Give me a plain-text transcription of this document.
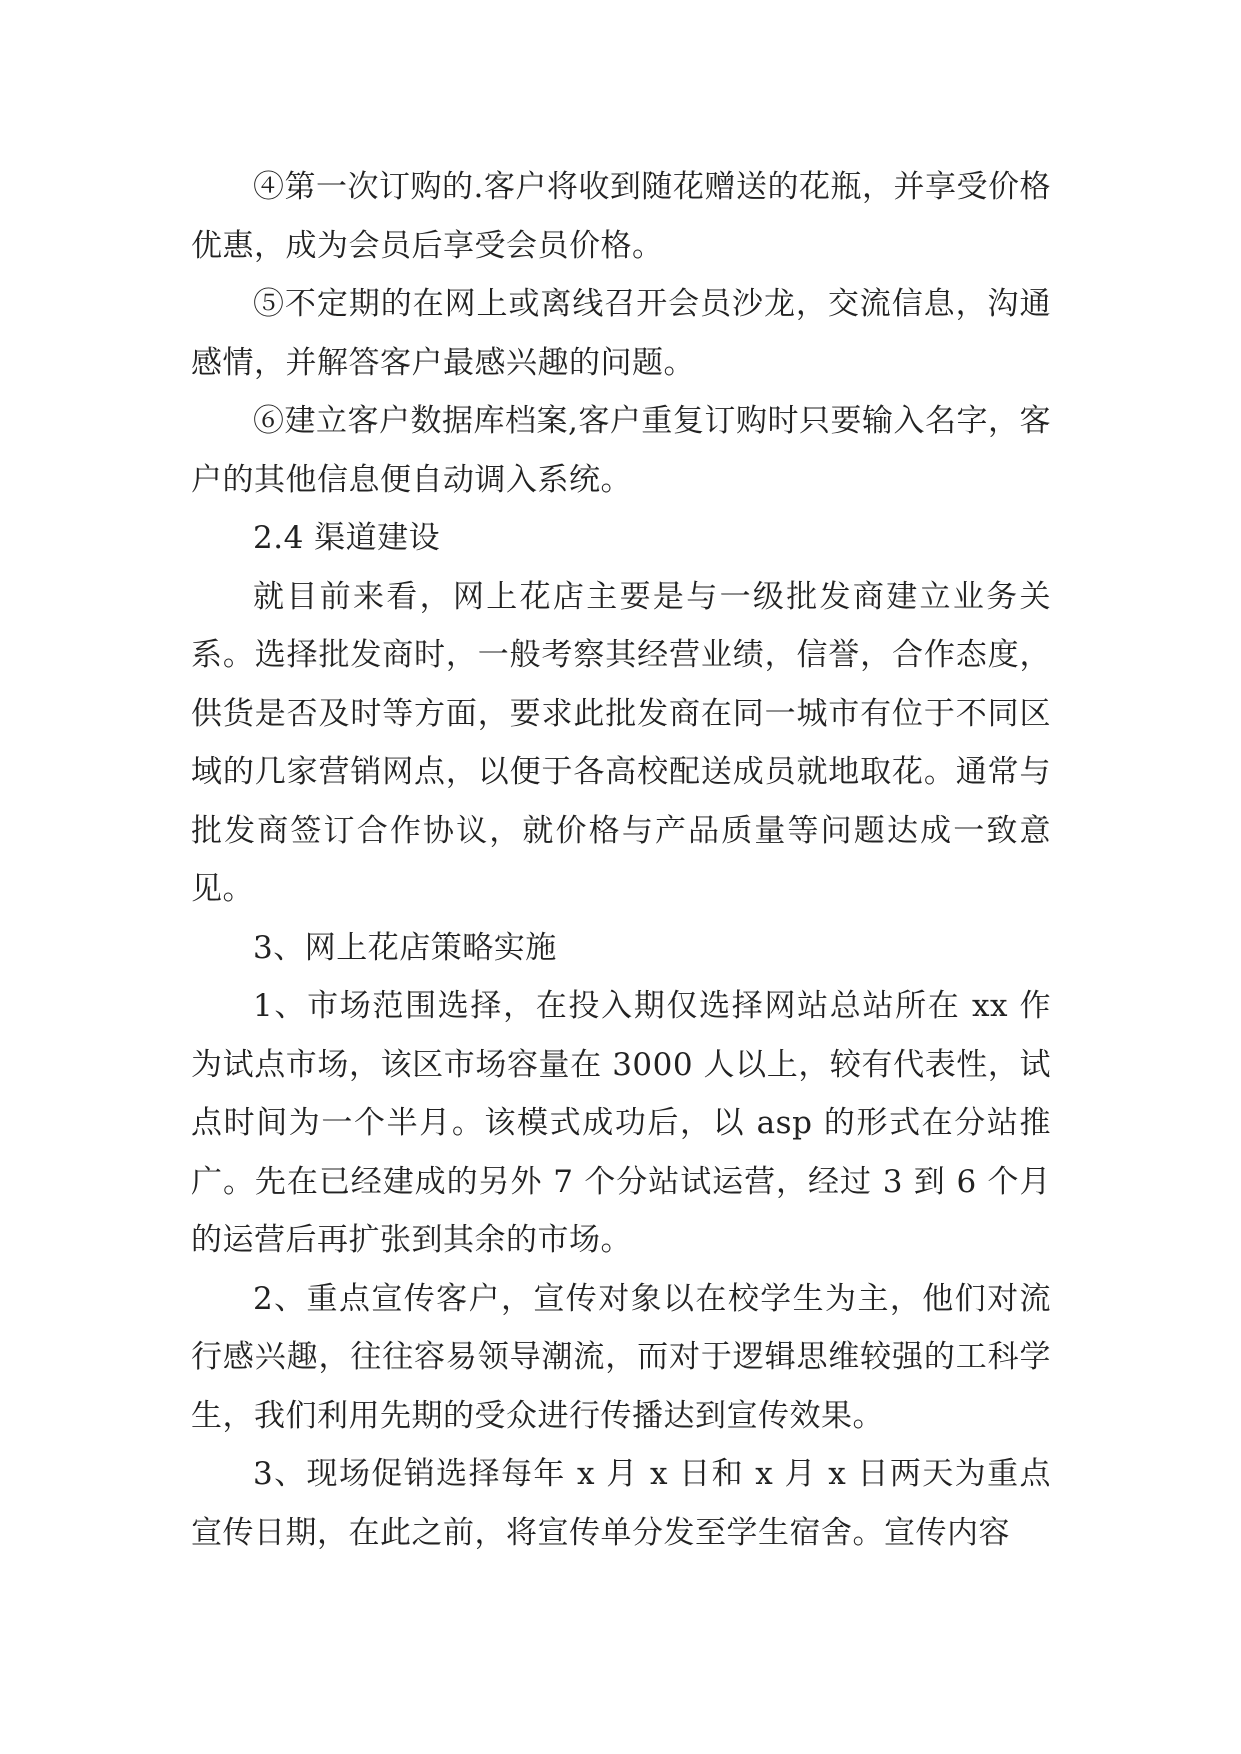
④第一次订购的.客户将收到随花赠送的花瓶，并享受价格优惠，成为会员后享受会员价格。

⑤不定期的在网上或离线召开会员沙龙，交流信息，沟通感情，并解答客户最感兴趣的问题。

⑥建立客户数据库档案,客户重复订购时只要输入名字，客户的其他信息便自动调入系统。

2.4 渠道建设

就目前来看，网上花店主要是与一级批发商建立业务关系。选择批发商时，一般考察其经营业绩，信誉，合作态度，供货是否及时等方面，要求此批发商在同一城市有位于不同区域的几家营销网点，以便于各高校配送成员就地取花。通常与批发商签订合作协议，就价格与产品质量等问题达成一致意见。

3、网上花店策略实施

1、市场范围选择，在投入期仅选择网站总站所在 xx 作为试点市场，该区市场容量在 3000 人以上，较有代表性，试点时间为一个半月。该模式成功后，以 asp 的形式在分站推广。先在已经建成的另外 7 个分站试运营，经过 3 到 6 个月的运营后再扩张到其余的市场。

2、重点宣传客户，宣传对象以在校学生为主，他们对流行感兴趣，往往容易领导潮流，而对于逻辑思维较强的工科学生，我们利用先期的受众进行传播达到宣传效果。

3、现场促销选择每年 x 月 x 日和 x 月 x 日两天为重点宣传日期，在此之前，将宣传单分发至学生宿舍。宣传内容
